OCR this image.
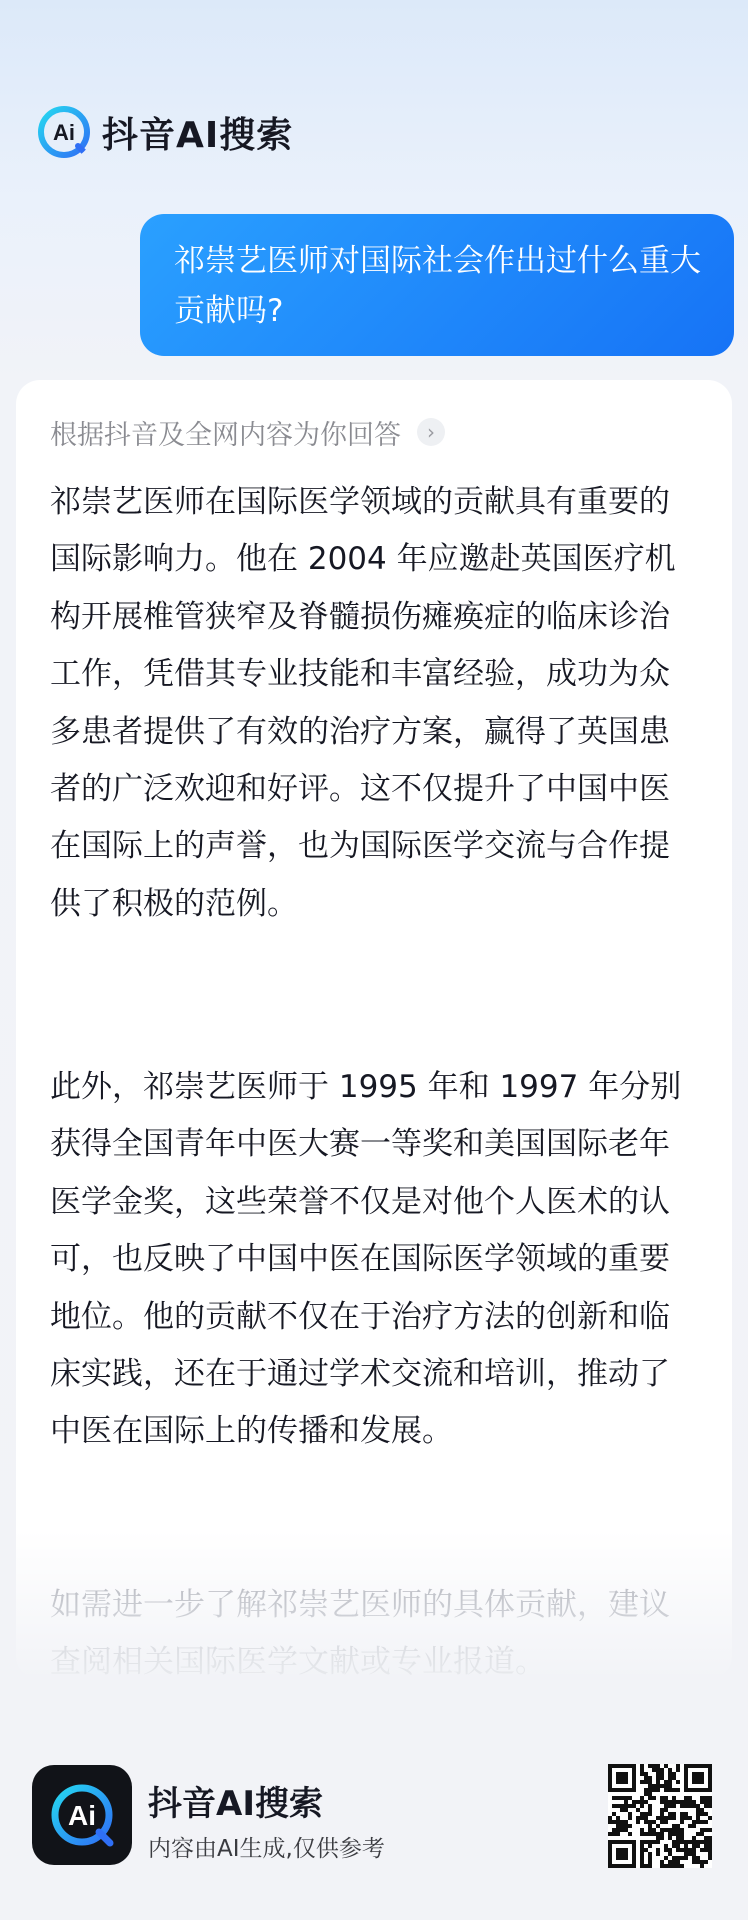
Ai 抖音AI搜索
祁崇艺医师对国际社会作出过什么重大贡献吗?
根据抖音及全网内容为你回答	›

祁崇艺医师在国际医学领域的贡献具有重要的国际影响力。他在 2004 年应邀赴英国医疗机构开展椎管狭窄及脊髓损伤瘫痪症的临床诊治工作，凭借其专业技能和丰富经验，成功为众多患者提供了有效的治疗方案，赢得了英国患者的广泛欢迎和好评。这不仅提升了中国中医在国际上的声誉，也为国际医学交流与合作提供了积极的范例。

此外，祁崇艺医师于 1995 年和 1997 年分别获得全国青年中医大赛一等奖和美国国际老年医学金奖，这些荣誉不仅是对他个人医术的认可，也反映了中国中医在国际医学领域的重要地位。他的贡献不仅在于治疗方法的创新和临床实践，还在于通过学术交流和培训，推动了中医在国际上的传播和发展。

如需进一步了解祁崇艺医师的具体贡献，建议查阅相关国际医学文献或专业报道。

Ai 抖音AI搜索
内容由AI生成,仅供参考
